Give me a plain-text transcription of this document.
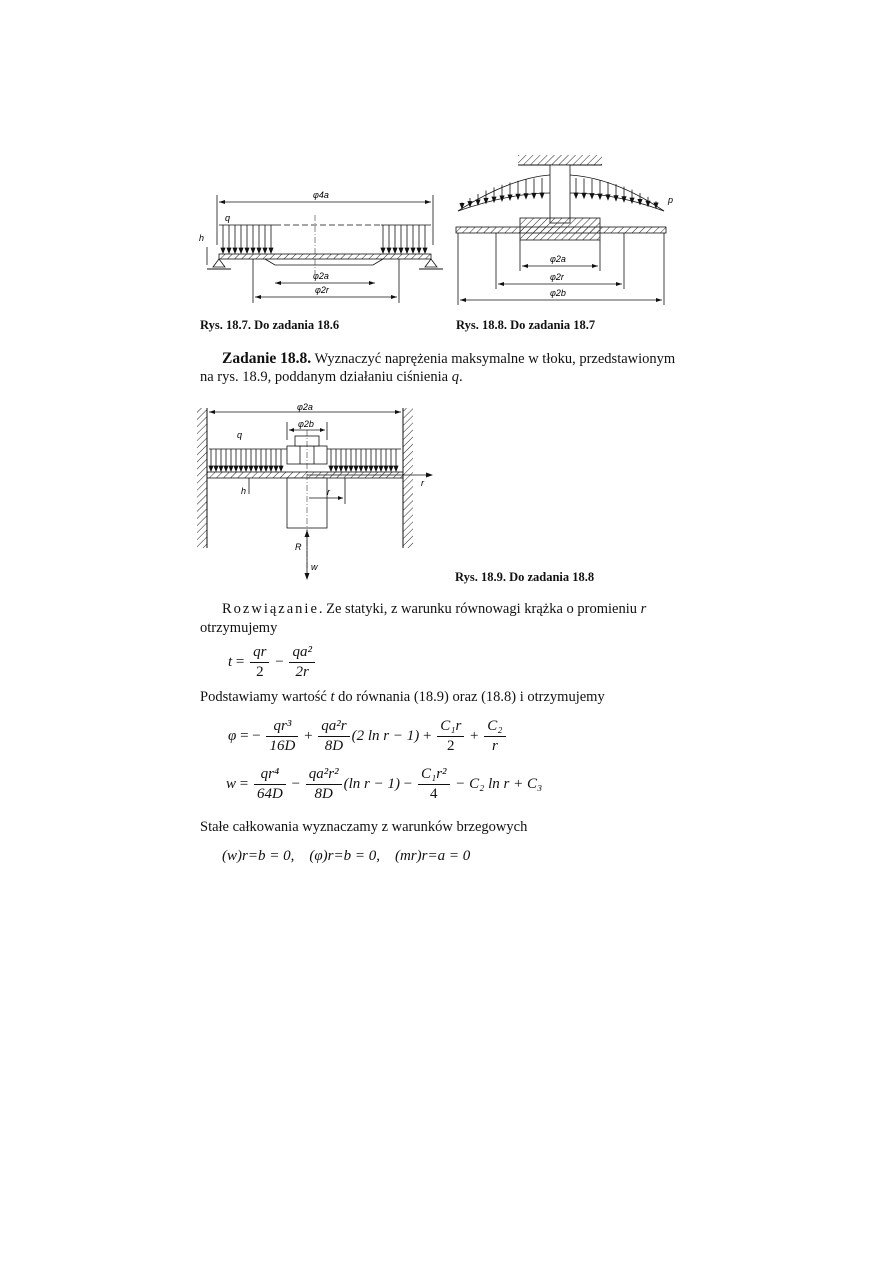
φ4a
q
h
φ2a
φ2r
Rys. 18.7. Do zadania 18.6
p
φ2a
φ2r
φ2b
Rys. 18.8. Do zadania 18.7
Zadanie 18.8. Wyznaczyć naprężenia maksymalne w tłoku, przedstawionym
na rys. 18.9, poddanym działaniu ciśnienia q.
φ2a
φ2b
q
r
r
h
R
w
Rys. 18.9. Do zadania 18.8
Rozwiązanie. Ze statyki, z warunku równowagi krążka o promieniu r
otrzymujemy
$t = \frac{qr}{2} - \frac{\text{qa²}}{2r}$
Podstawiamy wartość t do równania (18.9) oraz (18.8) i otrzymujemy
φ = − $\frac{\text{qr³}}{16D} + \frac{\text{qa²r}}{8D} (2$ $\ln r - 1) + \frac{\text{C₁r}}{2} + \frac{\text{C₂}}{r}$
$w = \frac{\text{qr⁴}}{64D} - \frac{\text{qa²r²}}{8D} (\ln$ $r - 1) - \frac{\text{C₁r²}}{4} - C_2$ ln r + C₃
Stałe całkowania wyznaczamy z warunków brzegowych
(w)r=b = 0,    (φ)r=b = 0,    (mr)r=a = 0
